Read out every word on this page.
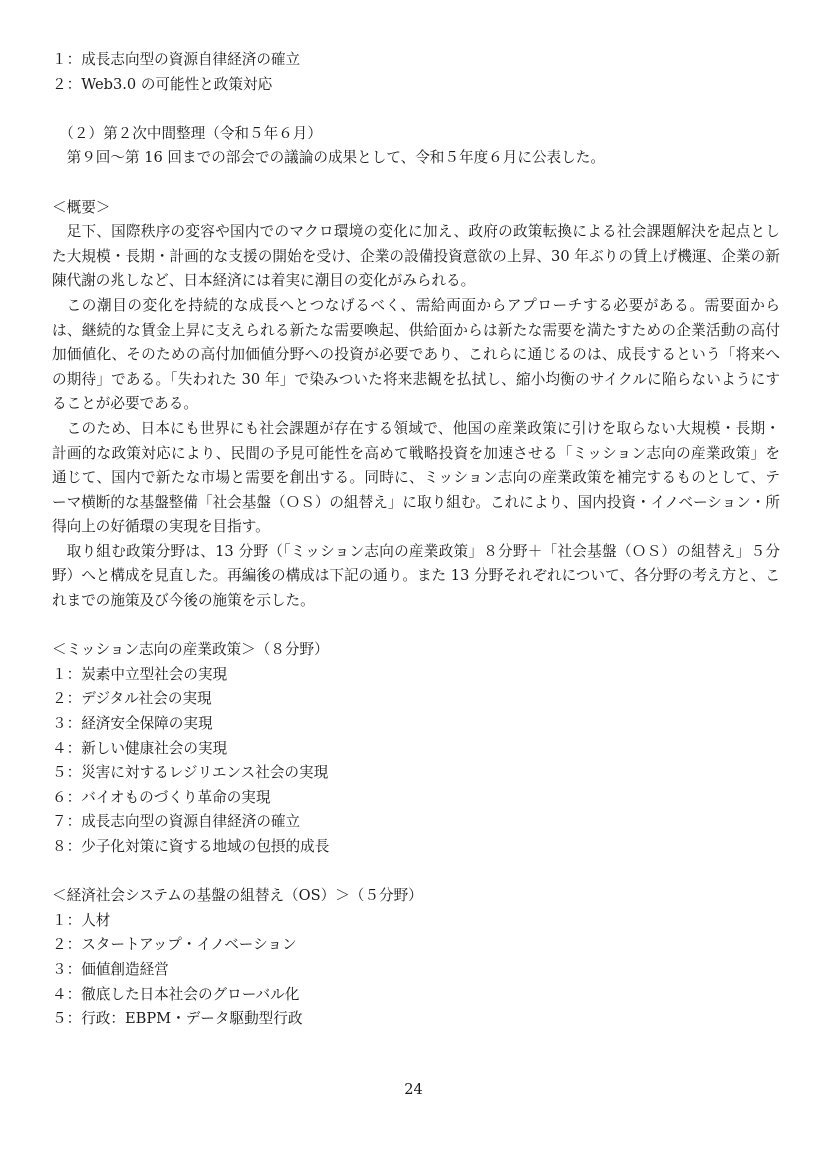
１：成長志向型の資源自律経済の確立
２：Web3.0 の可能性と政策対応
（２）第２次中間整理（令和５年６月）
第９回〜第 16 回までの部会での議論の成果として、令和５年度６月に公表した。
＜概要＞
足下、国際秩序の変容や国内でのマクロ環境の変化に加え、政府の政策転換による社会課題解決を起点とした大規模・長期・計画的な支援の開始を受け、企業の設備投資意欲の上昇、30 年ぶりの賃上げ機運、企業の新陳代謝の兆しなど、日本経済には着実に潮目の変化がみられる。
この潮目の変化を持続的な成長へとつなげるべく、需給両面からアプローチする必要がある。需要面からは、継続的な賃金上昇に支えられる新たな需要喚起、供給面からは新たな需要を満たすための企業活動の高付加価値化、そのための高付加価値分野への投資が必要であり、これらに通じるのは、成長するという「将来への期待」である。「失われた 30 年」で染みついた将来悲観を払拭し、縮小均衡のサイクルに陥らないようにすることが必要である。
このため、日本にも世界にも社会課題が存在する領域で、他国の産業政策に引けを取らない大規模・長期・計画的な政策対応により、民間の予見可能性を高めて戦略投資を加速させる「ミッション志向の産業政策」を通じて、国内で新たな市場と需要を創出する。同時に、ミッション志向の産業政策を補完するものとして、テーマ横断的な基盤整備「社会基盤（ＯＳ）の組替え」に取り組む。これにより、国内投資・イノベーション・所得向上の好循環の実現を目指す。
取り組む政策分野は、13 分野（「ミッション志向の産業政策」８分野＋「社会基盤（ＯＳ）の組替え」５分野）へと構成を見直した。再編後の構成は下記の通り。また 13 分野それぞれについて、各分野の考え方と、これまでの施策及び今後の施策を示した。
＜ミッション志向の産業政策＞（８分野）
１：炭素中立型社会の実現
２：デジタル社会の実現
３：経済安全保障の実現
４：新しい健康社会の実現
５：災害に対するレジリエンス社会の実現
６：バイオものづくり革命の実現
７：成長志向型の資源自律経済の確立
８：少子化対策に資する地域の包摂的成長
＜経済社会システムの基盤の組替え（OS）＞（５分野）
１：人材
２：スタートアップ・イノベーション
３：価値創造経営
４：徹底した日本社会のグローバル化
５：行政：EBPM・データ駆動型行政
24
